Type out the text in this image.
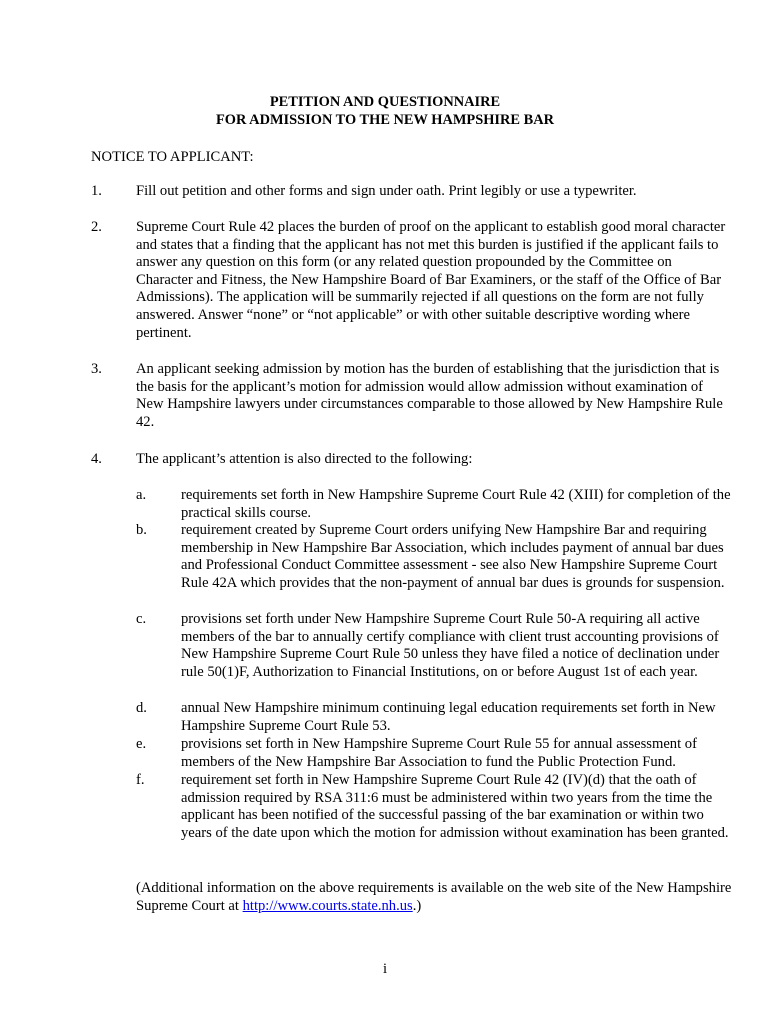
PETITION AND QUESTIONNAIRE
FOR ADMISSION TO THE NEW HAMPSHIRE BAR
NOTICE TO APPLICANT:
1. Fill out petition and other forms and sign under oath. Print legibly or use a typewriter.
2. Supreme Court Rule 42 places the burden of proof on the applicant to establish good moral character and states that a finding that the applicant has not met this burden is justified if the applicant fails to answer any question on this form (or any related question propounded by the Committee on Character and Fitness, the New Hampshire Board of Bar Examiners, or the staff of the Office of Bar Admissions). The application will be summarily rejected if all questions on the form are not fully answered. Answer “none” or “not applicable” or with other suitable descriptive wording where pertinent.
3. An applicant seeking admission by motion has the burden of establishing that the jurisdiction that is the basis for the applicant’s motion for admission would allow admission without examination of New Hampshire lawyers under circumstances comparable to those allowed by New Hampshire Rule 42.
4. The applicant’s attention is also directed to the following:
a. requirements set forth in New Hampshire Supreme Court Rule 42 (XIII) for completion of the practical skills course.
b. requirement created by Supreme Court orders unifying New Hampshire Bar and requiring membership in New Hampshire Bar Association, which includes payment of annual bar dues and Professional Conduct Committee assessment - see also New Hampshire Supreme Court Rule 42A which provides that the non-payment of annual bar dues is grounds for suspension.
c. provisions set forth under New Hampshire Supreme Court Rule 50-A requiring all active members of the bar to annually certify compliance with client trust accounting provisions of New Hampshire Supreme Court Rule 50 unless they have filed a notice of declination under rule 50(1)F, Authorization to Financial Institutions, on or before August 1st of each year.
d. annual New Hampshire minimum continuing legal education requirements set forth in New Hampshire Supreme Court Rule 53.
e. provisions set forth in New Hampshire Supreme Court Rule 55 for annual assessment of members of the New Hampshire Bar Association to fund the Public Protection Fund.
f. requirement set forth in New Hampshire Supreme Court Rule 42 (IV)(d) that the oath of admission required by RSA 311:6 must be administered within two years from the time the applicant has been notified of the successful passing of the bar examination or within two years of the date upon which the motion for admission without examination has been granted.
(Additional information on the above requirements is available on the web site of the New Hampshire Supreme Court at http://www.courts.state.nh.us.)
i
